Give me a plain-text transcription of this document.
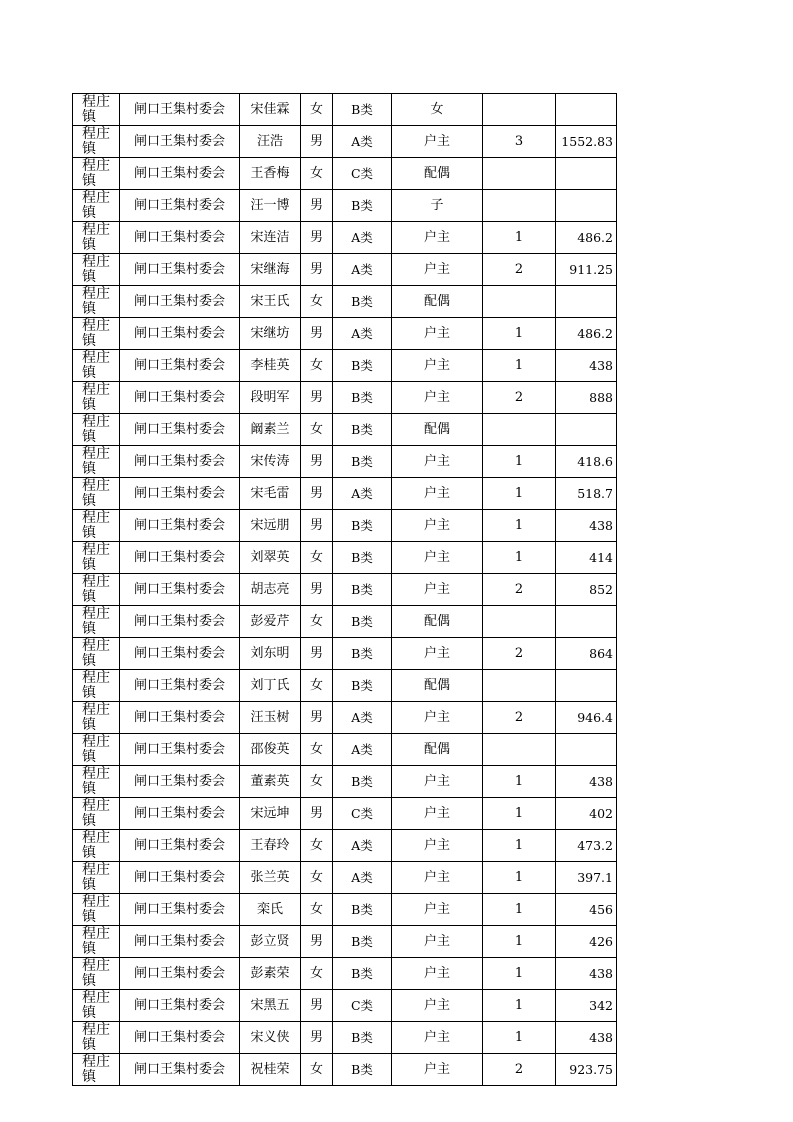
程庄镇	闸口王集村委会	宋佳霖	女	B类	女		
程庄镇	闸口王集村委会	汪浩	男	A类	户主	3	1552.83
程庄镇	闸口王集村委会	王香梅	女	C类	配偶		
程庄镇	闸口王集村委会	汪一博	男	B类	子		
程庄镇	闸口王集村委会	宋连洁	男	A类	户主	1	486.2
程庄镇	闸口王集村委会	宋继海	男	A类	户主	2	911.25
程庄镇	闸口王集村委会	宋王氏	女	B类	配偶		
程庄镇	闸口王集村委会	宋继坊	男	A类	户主	1	486.2
程庄镇	闸口王集村委会	李桂英	女	B类	户主	1	438
程庄镇	闸口王集村委会	段明军	男	B类	户主	2	888
程庄镇	闸口王集村委会	阚素兰	女	B类	配偶		
程庄镇	闸口王集村委会	宋传涛	男	B类	户主	1	418.6
程庄镇	闸口王集村委会	宋毛雷	男	A类	户主	1	518.7
程庄镇	闸口王集村委会	宋远朋	男	B类	户主	1	438
程庄镇	闸口王集村委会	刘翠英	女	B类	户主	1	414
程庄镇	闸口王集村委会	胡志亮	男	B类	户主	2	852
程庄镇	闸口王集村委会	彭爱芹	女	B类	配偶		
程庄镇	闸口王集村委会	刘东明	男	B类	户主	2	864
程庄镇	闸口王集村委会	刘丁氏	女	B类	配偶		
程庄镇	闸口王集村委会	汪玉树	男	A类	户主	2	946.4
程庄镇	闸口王集村委会	邵俊英	女	A类	配偶		
程庄镇	闸口王集村委会	董素英	女	B类	户主	1	438
程庄镇	闸口王集村委会	宋远坤	男	C类	户主	1	402
程庄镇	闸口王集村委会	王春玲	女	A类	户主	1	473.2
程庄镇	闸口王集村委会	张兰英	女	A类	户主	1	397.1
程庄镇	闸口王集村委会	栾氏	女	B类	户主	1	456
程庄镇	闸口王集村委会	彭立贤	男	B类	户主	1	426
程庄镇	闸口王集村委会	彭素荣	女	B类	户主	1	438
程庄镇	闸口王集村委会	宋黑五	男	C类	户主	1	342
程庄镇	闸口王集村委会	宋义侠	男	B类	户主	1	438
程庄镇	闸口王集村委会	祝桂荣	女	B类	户主	2	923.75
